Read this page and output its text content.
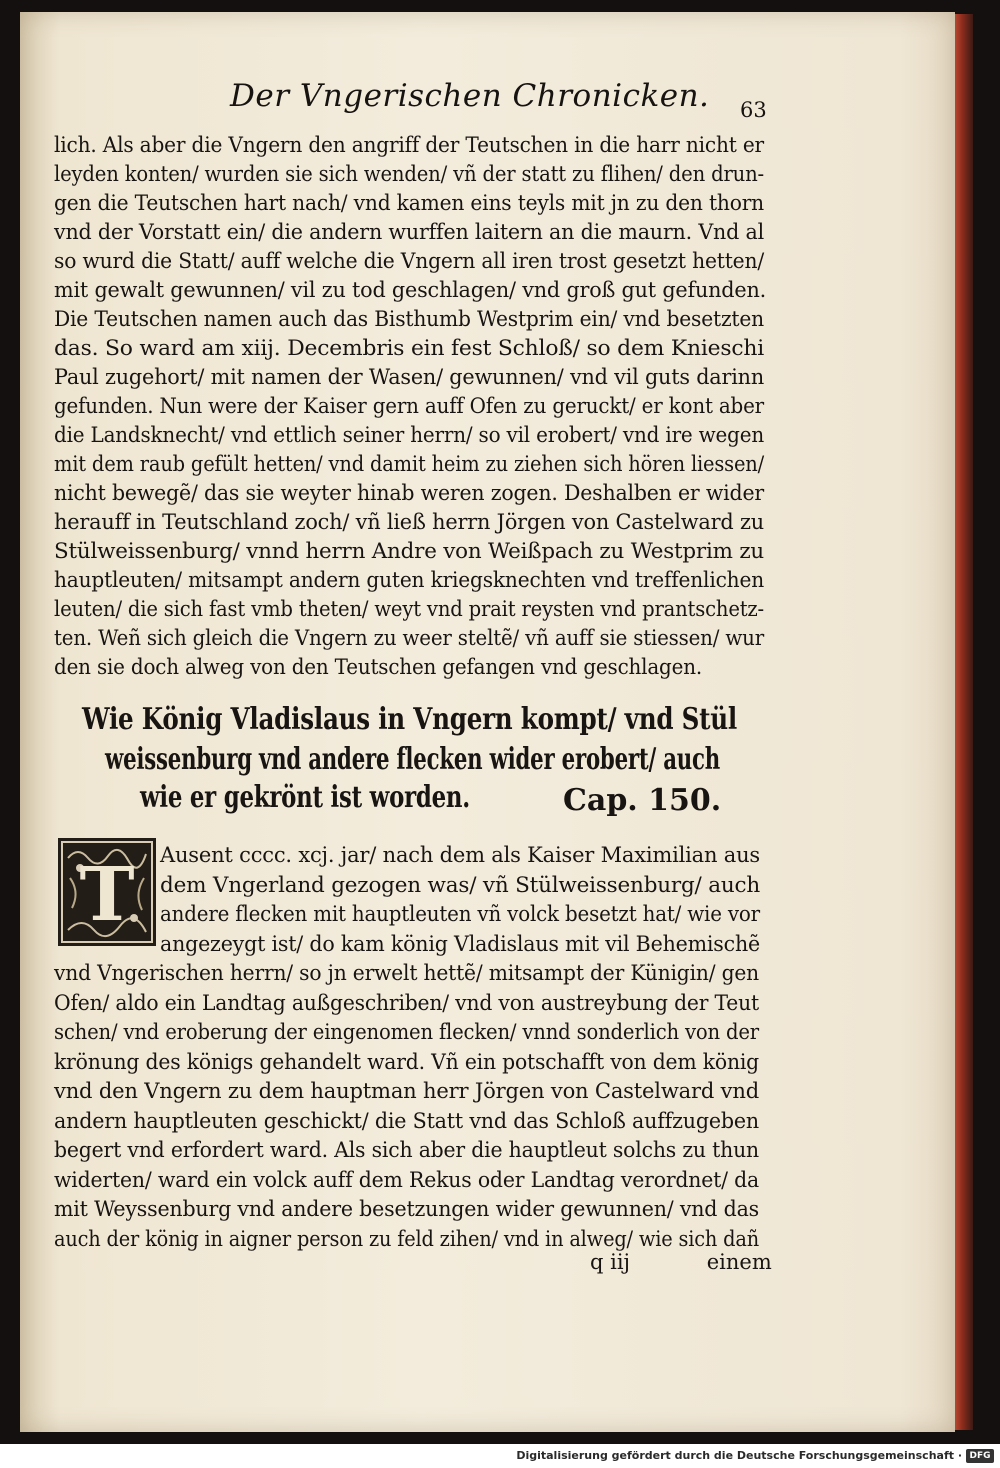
Der Vngerischen Chronicken. 63
lich. Als aber die Vngern den angriff der Teutschen in die harr nicht er
leyden konten/ wurden sie sich wenden/ vñ der statt zu flihen/ den drun-
gen die Teutschen hart nach/ vnd kamen eins teyls mit jn zu den thorn
vnd der Vorstatt ein/ die andern wurffen laitern an die maurn. Vnd al
so wurd die Statt/ auff welche die Vngern all iren trost gesetzt hetten/
mit gewalt gewunnen/ vil zu tod geschlagen/ vnd groß gut gefunden.
Die Teutschen namen auch das Bisthumb Westprim ein/ vnd besetzten
das. So ward am xiij. Decembris ein fest Schloß/ so dem Knieschi
Paul zugehort/ mit namen der Wasen/ gewunnen/ vnd vil guts darinn
gefunden. Nun were der Kaiser gern auff Ofen zu geruckt/ er kont aber
die Landsknecht/ vnd ettlich seiner herrn/ so vil erobert/ vnd ire wegen
mit dem raub gefült hetten/ vnd damit heim zu ziehen sich hören liessen/
nicht bewegẽ/ das sie weyter hinab weren zogen. Deshalben er wider
herauff in Teutschland zoch/ vñ ließ herrn Jörgen von Castelward zu
Stülweissenburg/ vnnd herrn Andre von Weißpach zu Westprim zu
hauptleuten/ mitsampt andern guten kriegsknechten vnd treffenlichen
leuten/ die sich fast vmb theten/ weyt vnd prait reysten vnd prantschetz-
ten. Weñ sich gleich die Vngern zu weer steltẽ/ vñ auff sie stiessen/ wur
den sie doch alweg von den Teutschen gefangen vnd geschlagen.
Wie König Vladislaus in Vngern kompt/ vnd Stül
weissenburg vnd andere flecken wider erobert/ auch
wie er gekrönt ist worden.	Cap. 150.
T Ausent cccc. xcj. jar/ nach dem als Kaiser Maximilian aus
dem Vngerland gezogen was/ vñ Stülweissenburg/ auch
andere flecken mit hauptleuten vñ volck besetzt hat/ wie vor
angezeygt ist/ do kam könig Vladislaus mit vil Behemischẽ
vnd Vngerischen herrn/ so jn erwelt hettẽ/ mitsampt der Künigin/ gen
Ofen/ aldo ein Landtag außgeschriben/ vnd von austreybung der Teut
schen/ vnd eroberung der eingenomen flecken/ vnnd sonderlich von der
krönung des königs gehandelt ward. Vñ ein potschafft von dem könig
vnd den Vngern zu dem hauptman herr Jörgen von Castelward vnd
andern hauptleuten geschickt/ die Statt vnd das Schloß auffzugeben
begert vnd erfordert ward. Als sich aber die hauptleut solchs zu thun
widerten/ ward ein volck auff dem Rekus oder Landtag verordnet/ da
mit Weyssenburg vnd andere besetzungen wider gewunnen/ vnd das
auch der könig in aigner person zu feld zihen/ vnd in alweg/ wie sich dañ
q iij	einem
Digitalisierung gefördert durch die Deutsche Forschungsgemeinschaft · DFG
